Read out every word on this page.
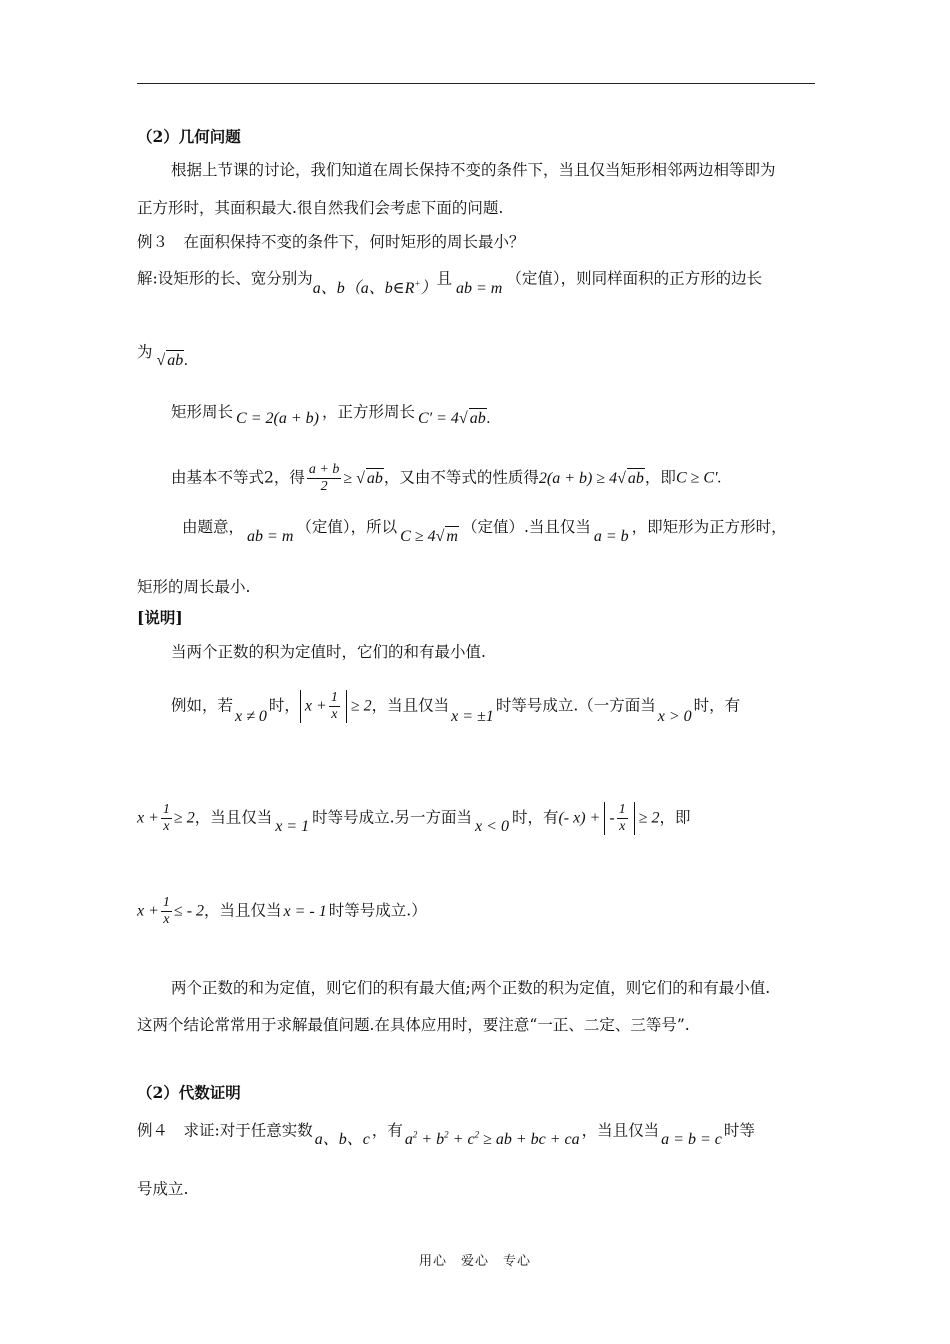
（2）几何问题
根据上节课的讨论，我们知道在周长保持不变的条件下，当且仅当矩形相邻两边相等即为
正方形时，其面积最大.很自然我们会考虑下面的问题.
例３　在面积保持不变的条件下，何时矩形的周长最小？
解:设矩形的长、宽分别为a、b（a、b∈R+）且ab = m（定值），则同样面积的正方形的边长
为 √ ab.
矩形周长 C = 2(a + b) ，正方形周长 C′ = 4√ ab.
由基本不等式2，得 $\frac{a + b}{2}$ ≥ √ ab，又由不等式的性质得2(a + b) ≥ 4√ ab，即C ≥ C′.
由题意，ab = m（定值），所以C ≥ 4√ m（定值）.当且仅当a = b，即矩形为正方形时，
矩形的周长最小.
[说明]
当两个正数的积为定值时，它们的和有最小值.
例如，若x ≠ 0时， $x + \frac{1}{x} \ge 2$，当且仅当x = ±1时等号成立.（一方面当x > 0时，有
$x + \frac{1}{x} \ge 2$，当且仅当 x = 1 时等号成立.另一方面当 x < 0 时，有(- x) + - $\frac{1}{x} \ge 2$，即
$x + \frac{1}{x}$ ≤ - 2，当且仅当 x = - 1 时等号成立.）
两个正数的和为定值，则它们的积有最大值;两个正数的积为定值，则它们的和有最小值.
这两个结论常常用于求解最值问题.在具体应用时，要注意“一正、二定、三等号”.
（2）代数证明
例４　求证:对于任意实数a、b、c，有$a^2 + b^2 + c^2$ ≥ ab + bc + ca，当且仅当a = b = c时等
号成立.
用心　爱心　专心
